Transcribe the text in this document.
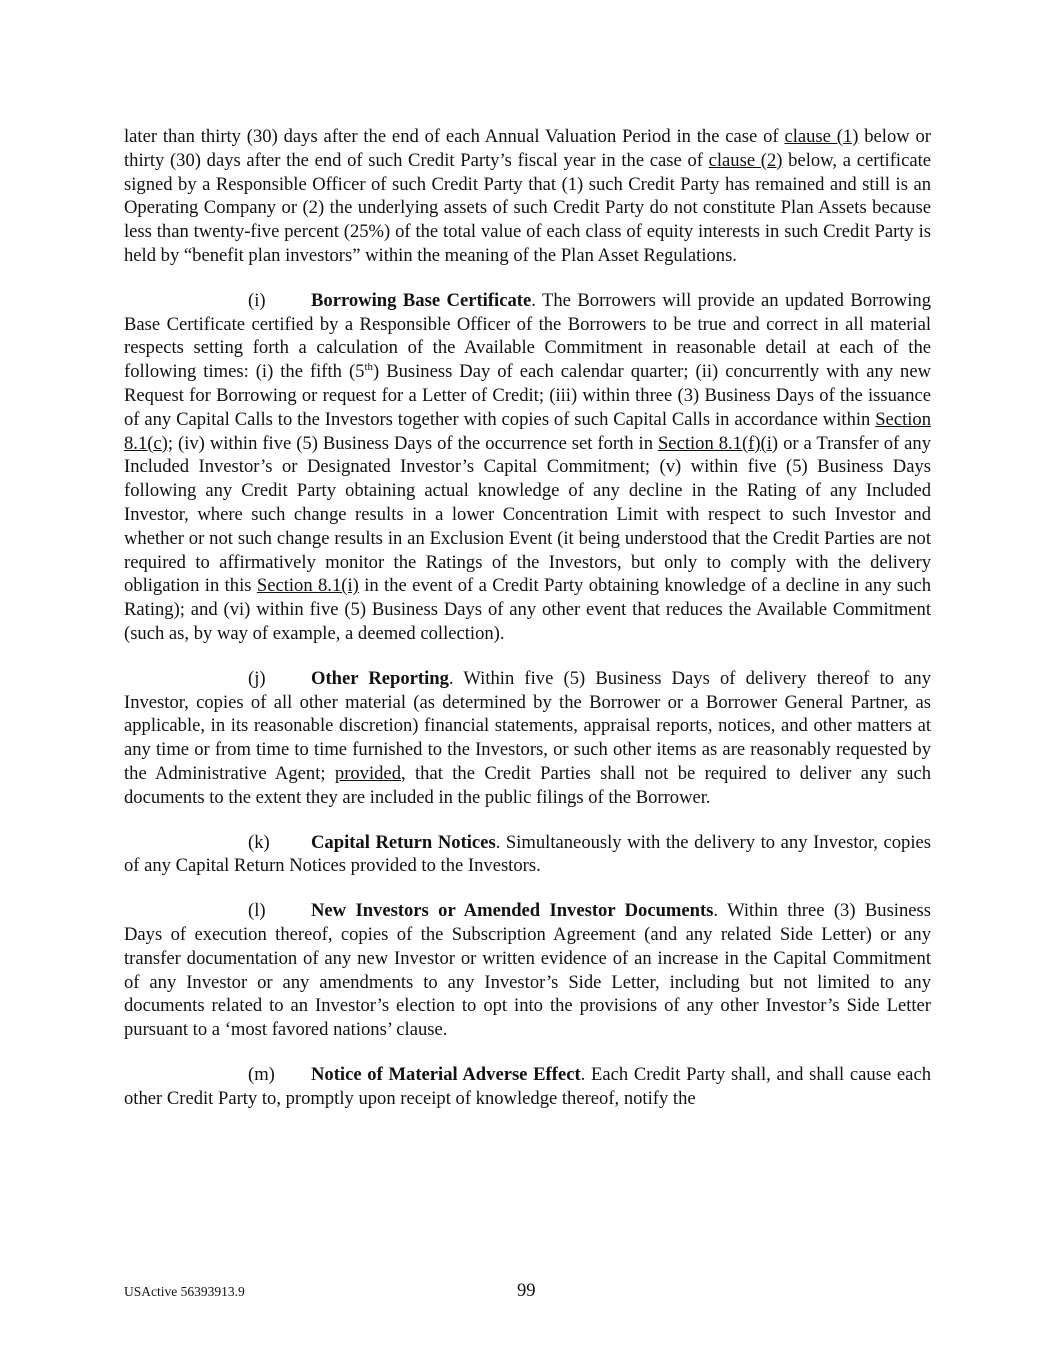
later than thirty (30) days after the end of each Annual Valuation Period in the case of clause (1) below or thirty (30) days after the end of such Credit Party’s fiscal year in the case of clause (2) below, a certificate signed by a Responsible Officer of such Credit Party that (1) such Credit Party has remained and still is an Operating Company or (2) the underlying assets of such Credit Party do not constitute Plan Assets because less than twenty-five percent (25%) of the total value of each class of equity interests in such Credit Party is held by “benefit plan investors” within the meaning of the Plan Asset Regulations.

(i) Borrowing Base Certificate. The Borrowers will provide an updated Borrowing Base Certificate certified by a Responsible Officer of the Borrowers to be true and correct in all material respects setting forth a calculation of the Available Commitment in reasonable detail at each of the following times: (i) the fifth (5th) Business Day of each calendar quarter; (ii) concurrently with any new Request for Borrowing or request for a Letter of Credit; (iii) within three (3) Business Days of the issuance of any Capital Calls to the Investors together with copies of such Capital Calls in accordance within Section 8.1(c); (iv) within five (5) Business Days of the occurrence set forth in Section 8.1(f)(i) or a Transfer of any Included Investor’s or Designated Investor’s Capital Commitment; (v) within five (5) Business Days following any Credit Party obtaining actual knowledge of any decline in the Rating of any Included Investor, where such change results in a lower Concentration Limit with respect to such Investor and whether or not such change results in an Exclusion Event (it being understood that the Credit Parties are not required to affirmatively monitor the Ratings of the Investors, but only to comply with the delivery obligation in this Section 8.1(i) in the event of a Credit Party obtaining knowledge of a decline in any such Rating); and (vi) within five (5) Business Days of any other event that reduces the Available Commitment (such as, by way of example, a deemed collection).

(j) Other Reporting. Within five (5) Business Days of delivery thereof to any Investor, copies of all other material (as determined by the Borrower or a Borrower General Partner, as applicable, in its reasonable discretion) financial statements, appraisal reports, notices, and other matters at any time or from time to time furnished to the Investors, or such other items as are reasonably requested by the Administrative Agent; provided, that the Credit Parties shall not be required to deliver any such documents to the extent they are included in the public filings of the Borrower.

(k) Capital Return Notices. Simultaneously with the delivery to any Investor, copies of any Capital Return Notices provided to the Investors.

(l) New Investors or Amended Investor Documents. Within three (3) Business Days of execution thereof, copies of the Subscription Agreement (and any related Side Letter) or any transfer documentation of any new Investor or written evidence of an increase in the Capital Commitment of any Investor or any amendments to any Investor’s Side Letter, including but not limited to any documents related to an Investor’s election to opt into the provisions of any other Investor’s Side Letter pursuant to a ‘most favored nations’ clause.

(m) Notice of Material Adverse Effect. Each Credit Party shall, and shall cause each other Credit Party to, promptly upon receipt of knowledge thereof, notify the

USActive 56393913.9	99
